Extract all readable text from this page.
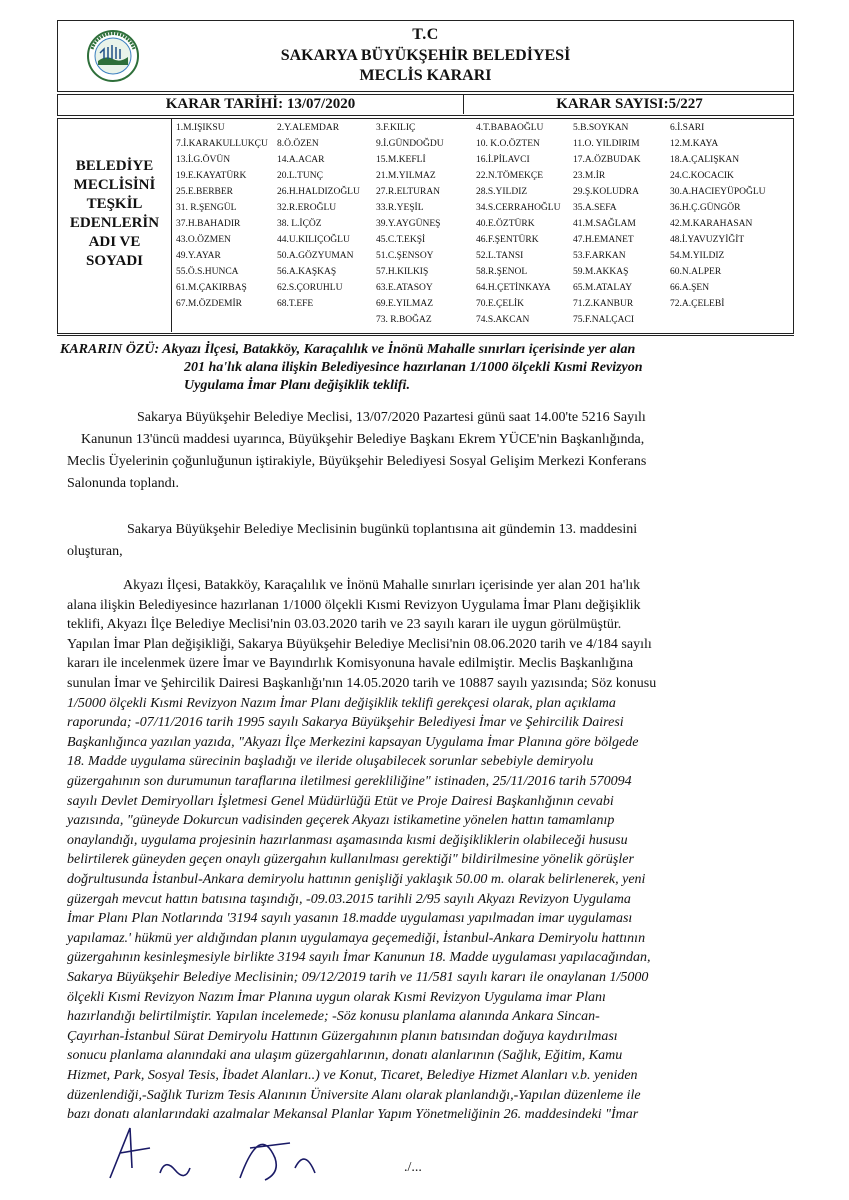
T.C
SAKARYA BÜYÜKŞEHİR BELEDİYESİ
MECLİS KARARI
KARAR TARİHİ: 13/07/2020	KARAR SAYISI:5/227
BELEDİYE
MECLİSİNİ
TEŞKİL
EDENLERİN
ADI VE
SOYADI
1.M.IŞIKSU	2.Y.ALEMDAR	3.F.KILIÇ	4.T.BABAOĞLU	5.B.SOYKAN	6.İ.SARI
7.İ.KARAKULLUKÇU 8.Ö.ÖZEN	9.İ.GÜNDOĞDU	10. K.O.ÖZTEN	11.O. YILDIRIM	12.M.KAYA
13.İ.G.ÖVÜN	14.A.ACAR	15.M.KEFLİ	16.İ.PİLAVCI	17.A.ÖZBUDAK	18.A.ÇALIŞKAN
19.E.KAYATÜRK	20.L.TUNÇ	21.M.YILMAZ	22.N.TÖMEKÇE	23.M.İR	24.C.KOCACIK
25.E.BERBER	26.H.HALDIZOĞLU 27.R.ELTURAN	28.S.YILDIZ	29.Ş.KOLUDRA	30.A.HACIEYÜPOĞLU
31. R.ŞENGÜL	32.R.EROĞLU	33.R.YEŞİL	34.S.CERRAHOĞLU 35.A.SEFA	36.H.Ç.GÜNGÖR
37.H.BAHADIR	38. L.İÇÖZ	39.Y.AYGÜNEŞ	40.E.ÖZTÜRK	41.M.SAĞLAM	42.M.KARAHASAN
43.O.ÖZMEN	44.U.KILIÇOĞLU	45.C.T.EKŞİ	46.F.ŞENTÜRK	47.H.EMANET	48.İ.YAVUZYİĞİT
49.Y.AYAR	50.A.GÖZYUMAN 51.C.ŞENSOY	52.L.TANSI	53.F.ARKAN	54.M.YILDIZ
55.Ö.S.HUNCA	56.A.KAŞKAŞ	57.H.KILKIŞ	58.R.ŞENOL	59.M.AKKAŞ	60.N.ALPER
61.M.ÇAKIRBAŞ	62.S.ÇORUHLU	63.E.ATASOY	64.H.ÇETİNKAYA 65.M.ATALAY	66.A.ŞEN
67.M.ÖZDEMİR	68.T.EFE	69.E.YILMAZ	70.E.ÇELİK	71.Z.KANBUR	72.A.ÇELEBİ
73. R.BOĞAZ	74.S.AKCAN	75.F.NALÇACI
KARARIN ÖZÜ: Akyazı İlçesi, Batakköy, Karaçalılık ve İnönü Mahalle sınırları içerisinde yer alan
201 ha'lık alana ilişkin Belediyesince hazırlanan 1/1000 ölçekli Kısmi Revizyon
Uygulama İmar Planı değişiklik teklifi.
Sakarya Büyükşehir Belediye Meclisi, 13/07/2020 Pazartesi günü saat 14.00'te 5216 Sayılı
Kanunun 13'üncü maddesi uyarınca, Büyükşehir Belediye Başkanı Ekrem YÜCE'nin Başkanlığında,
Meclis Üyelerinin çoğunluğunun iştirakiyle, Büyükşehir Belediyesi Sosyal Gelişim Merkezi Konferans
Salonunda toplandı.
Sakarya Büyükşehir Belediye Meclisinin bugünkü toplantısına ait gündemin 13. maddesini
oluşturan,
Akyazı İlçesi, Batakköy, Karaçalılık ve İnönü Mahalle sınırları içerisinde yer alan 201 ha'lık
alana ilişkin Belediyesince hazırlanan 1/1000 ölçekli Kısmi Revizyon Uygulama İmar Planı değişiklik
teklifi, Akyazı İlçe Belediye Meclisi'nin 03.03.2020 tarih ve 23 sayılı kararı ile uygun görülmüştür.
Yapılan İmar Plan değişikliği, Sakarya Büyükşehir Belediye Meclisi'nin 08.06.2020 tarih ve 4/184 sayılı
kararı ile incelenmek üzere İmar ve Bayındırlık Komisyonuna havale edilmiştir. Meclis Başkanlığına
sunulan İmar ve Şehircilik Dairesi Başkanlığı'nın 14.05.2020 tarih ve 10887 sayılı yazısında; Söz konusu
1/5000 ölçekli Kısmi Revizyon Nazım İmar Planı değişiklik teklifi gerekçesi olarak, plan açıklama
raporunda; -07/11/2016 tarih 1995 sayılı Sakarya Büyükşehir Belediyesi İmar ve Şehircilik Dairesi
Başkanlığınca yazılan yazıda, "Akyazı İlçe Merkezini kapsayan Uygulama İmar Planına göre bölgede
18. Madde uygulama sürecinin başladığı ve ileride oluşabilecek sorunlar sebebiyle demiryolu
güzergahının son durumunun taraflarına iletilmesi gerekliliğine" istinaden, 25/11/2016 tarih 570094
sayılı Devlet Demiryolları İşletmesi Genel Müdürlüğü Etüt ve Proje Dairesi Başkanlığının cevabi
yazısında, "güneyde Dokurcun vadisinden geçerek Akyazı istikametine yönelen hattın tamamlanıp
onaylandığı, uygulama projesinin hazırlanması aşamasında kısmi değişikliklerin olabileceği hususu
belirtilerek güneyden geçen onaylı güzergahın kullanılması gerektiği" bildirilmesine yönelik görüşler
doğrultusunda İstanbul-Ankara demiryolu hattının genişliği yaklaşık 50.00 m. olarak belirlenerek, yeni
güzergah mevcut hattın batısına taşındığı, -09.03.2015 tarihli 2/95 sayılı Akyazı Revizyon Uygulama
İmar Planı Plan Notlarında '3194 sayılı yasanın 18.madde uygulaması yapılmadan imar uygulaması
yapılamaz.' hükmü yer aldığından planın uygulamaya geçemediği, İstanbul-Ankara Demiryolu hattının
güzergahının kesinleşmesiyle birlikte 3194 sayılı İmar Kanunun 18. Madde uygulaması yapılacağından,
Sakarya Büyükşehir Belediye Meclisinin; 09/12/2019 tarih ve 11/581 sayılı kararı ile onaylanan 1/5000
ölçekli Kısmi Revizyon Nazım İmar Planına uygun olarak Kısmi Revizyon Uygulama imar Planı
hazırlandığı belirtilmiştir. Yapılan incelemede; -Söz konusu planlama alanında Ankara Sincan-
Çayırhan-İstanbul Sürat Demiryolu Hattının Güzergahının planın batısından doğuya kaydırılması
sonucu planlama alanındaki ana ulaşım güzergahlarının, donatı alanlarının (Sağlık, Eğitim, Kamu
Hizmet, Park, Sosyal Tesis, İbadet Alanları..) ve Konut, Ticaret, Belediye Hizmet Alanları v.b. yeniden
düzenlendiği,-Sağlık Turizm Tesis Alanının Üniversite Alanı olarak planlandığı,-Yapılan düzenleme ile
bazı donatı alanlarındaki azalmalar Mekansal Planlar Yapım Yönetmeliğinin 26. maddesindeki "İmar
./...
